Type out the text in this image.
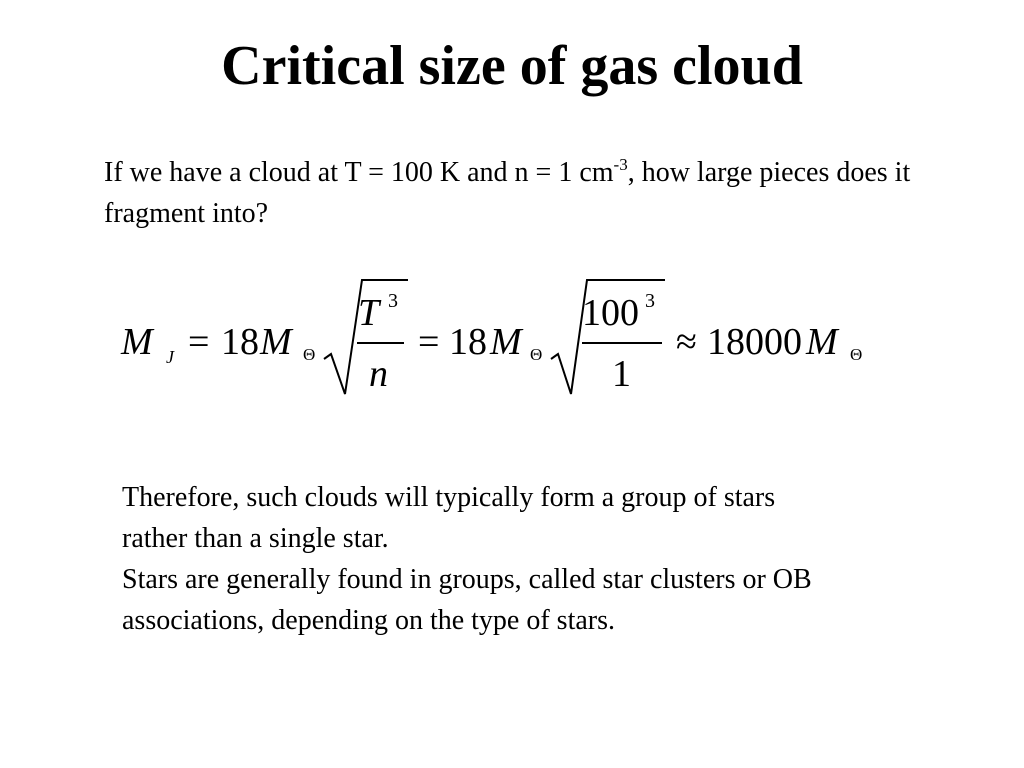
Critical size of gas cloud
If we have a cloud at T = 100 K and n = 1 $cm^{-3}$, how large pieces does it fragment into?
M J = 18 M Θ
T 3
n
= 18 M Θ
100 3
1
≈ 18000 M Θ

Therefore, such clouds will typically form a group of stars rather than a single star.

Stars are generally found in groups, called star clusters or OB associations, depending on the type of stars.
